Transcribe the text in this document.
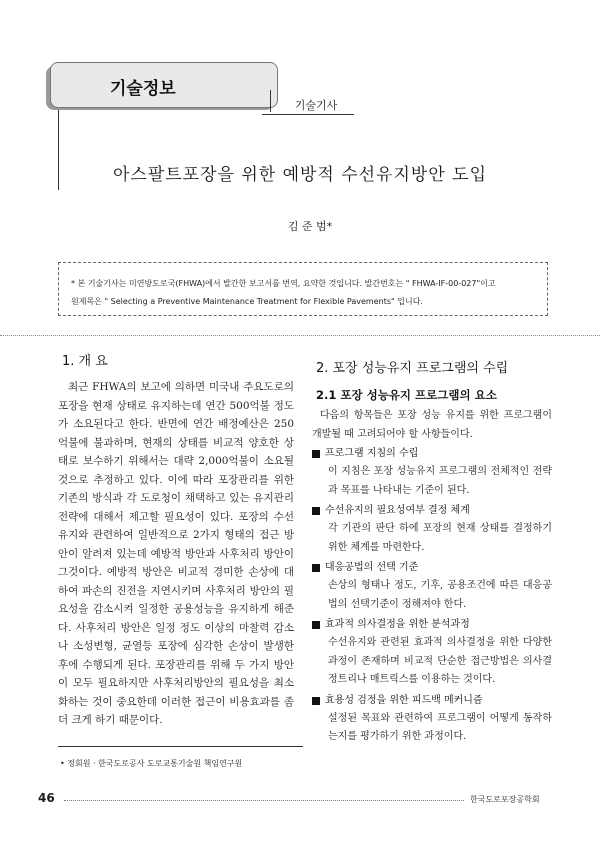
기술정보
기술기사
아스팔트포장을 위한 예방적 수선유지방안 도입
김 준 범*
* 본 기술기사는 미연방도로국(FHWA)에서 발간한 보고서를 번역, 요약한 것입니다. 발간번호는 " FHWA-IF-00-027"이고
원제목은 " Selecting a Preventive Maintenance Treatment for Flexible Pavements" 입니다.
1. 개 요
최근 FHWA의 보고에 의하면 미국내 주요도로의 포장을 현재 상태로 유지하는데 연간 500억불 정도가 소요된다고 한다. 반면에 연간 배정예산은 250억불에 불과하며, 현재의 상태를 비교적 양호한 상태로 보수하기 위해서는 대략 2,000억불이 소요될 것으로 추정하고 있다. 이에 따라 포장관리를 위한 기존의 방식과 각 도로청이 채택하고 있는 유지관리 전략에 대해서 제고할 필요성이 있다. 포장의 수선유지와 관련하여 일반적으로 2가지 형태의 접근 방안이 알려져 있는데 예방적 방안과 사후처리 방안이 그것이다. 예방적 방안은 비교적 경미한 손상에 대하여 파손의 진전을 지연시키며 사후처리 방안의 필요성을 감소시켜 일정한 공용성능을 유지하게 해준다. 사후처리 방안은 일정 정도 이상의 마찰력 감소나 소성변형, 균열등 포장에 심각한 손상이 발생한 후에 수행되게 된다. 포장관리를 위해 두 가지 방안이 모두 필요하지만 사후처리방안의 필요성을 최소화하는 것이 중요한데 이러한 접근이 비용효과를 좀 더 크게 하기 때문이다.
2. 포장 성능유지 프로그램의 수립
2.1 포장 성능유지 프로그램의 요소
다음의 항목들은 포장 성능 유지를 위한 프로그램이 개발될 때 고려되어야 할 사항들이다.
프로그램 지침의 수립
이 지침은 포장 성능유지 프로그램의 전체적인 전략과 목표를 나타내는 기준이 된다.
수선유지의 필요성여부 결정 체계
각 기관의 판단 하에 포장의 현재 상태를 결정하기 위한 체계를 마련한다.
대응공법의 선택 기준
손상의 형태나 정도, 기후, 공용조건에 따른 대응공법의 선택기준이 정해져야 한다.
효과적 의사결정을 위한 분석과정
수선유지와 관련된 효과적 의사결정을 위한 다양한 과정이 존재하며 비교적 단순한 접근방법은 의사결정트리나 매트릭스를 이용하는 것이다.
효용성 검정을 위한 피드백 메커니즘
설정된 목표와 관련하여 프로그램이 어떻게 동작하는지를 평가하기 위한 과정이다.
• 정회원 · 한국도로공사 도로교통기술원 책임연구원
46	한국도로포장공학회
